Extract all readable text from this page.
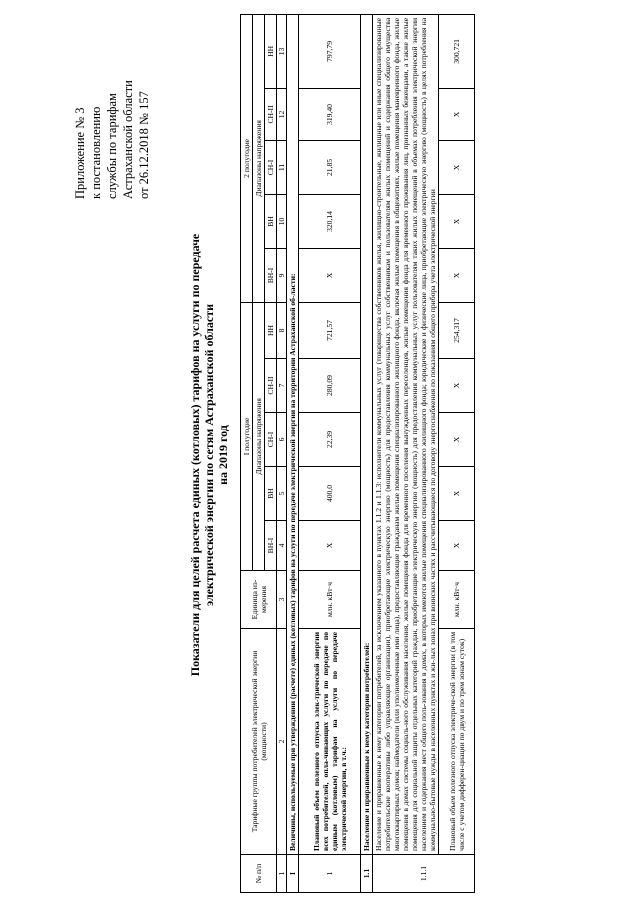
Приложение № 3 к постановлению службы по тарифам Астраханской области от 26.12.2018 № 157
Показатели для целей расчета единых (котловых) тарифов на услуги по передаче электрической энергии по сетям Астраханской области на 2019 год
№ п/п	Тарифные группы потребителей электрической энергии (мощности)	Единица из-мерения	I полугодие					2 полугодие				
			Диапазоны напряжения					Диапазоны напряжения				
			ВН-I	ВН	СН-I	СН-II	НН	ВН-I	ВН	СН-I	СН-II	НН
1	2	3	4	5	6	7	8	9	10	11	12	13
I	Величины, используемые при утверждении (расчете) единых (котловых) тарифов на услуги по передаче электрической энергии на территории Астраханской об-ласти:											
1	Плановый объем полезного отпуска элек-трической энергии всех потребителей, опла-чивающих услуги по передаче по единым (котловым) тарифам на услуги по передаче электрической энергии, в т.ч.:	млн. кВт·ч	X	400,0	22,39	280,09	721,57	X	320,14	21,85	319,40	797,79
1.1	Население и приравненные к нему категории потребителей:											
1.1.1	Население и приравненные к нему категории потребителей, за исключением указанного в пунктах 1.1.2 и 1.1.3: исполнители коммунальных услуг (товарищества собственников жилья, жилищно-строительные, жилищные или иные специализированные потребительские кооперативы либо управляющие организации), приобретающие электрическую энергию (мощность) для предоставления коммунальных услуг собственникам и пользователям жилых помещений и содержания общего имущества многоквартирных домов; наймодатели (или уполномоченные ими лица), предоставляющие гражданам жилые помещения специализированного жилищного фонда, включая жилые помещения в общежитиях, жилые помещения маневренного фонда, жилые помещения в домах системы социаль-ного обслуживания населения, жилые помещения фонда для временного поселения вынужденных переселенцев, жилые помещения фонда для временного проживания лиц, признанных беженцами, а также жилые помещения для социальной защиты отдельных категорий граждан, приобретающие электрическую энергию (мощность) для предоставления коммунальных услуг пользователям таких жилых помещений в объемах потребления электрической энергии населением и содержания мест общего поль-зования в домах, в которых имеются жилые помещения специализированного жилищного фонда; юридические и физические лица, приобретающие электрическую энергию (мощность) в целях потребления на коммунально-бытовые нужды в населенных пунктах и жи-лых зонах при воинских частях и рассчитывающиеся по договору энергоснабжения по показаниям общего прибора учета электрической энергии											
	Плановый объем полезного отпуска электриче-ской энергии (в том числе с учетом дифферен-циации по двум и по трем зонам суток)	млн. кВт·ч	X	X	X	X	254,317	X	X	X	X	300,721
